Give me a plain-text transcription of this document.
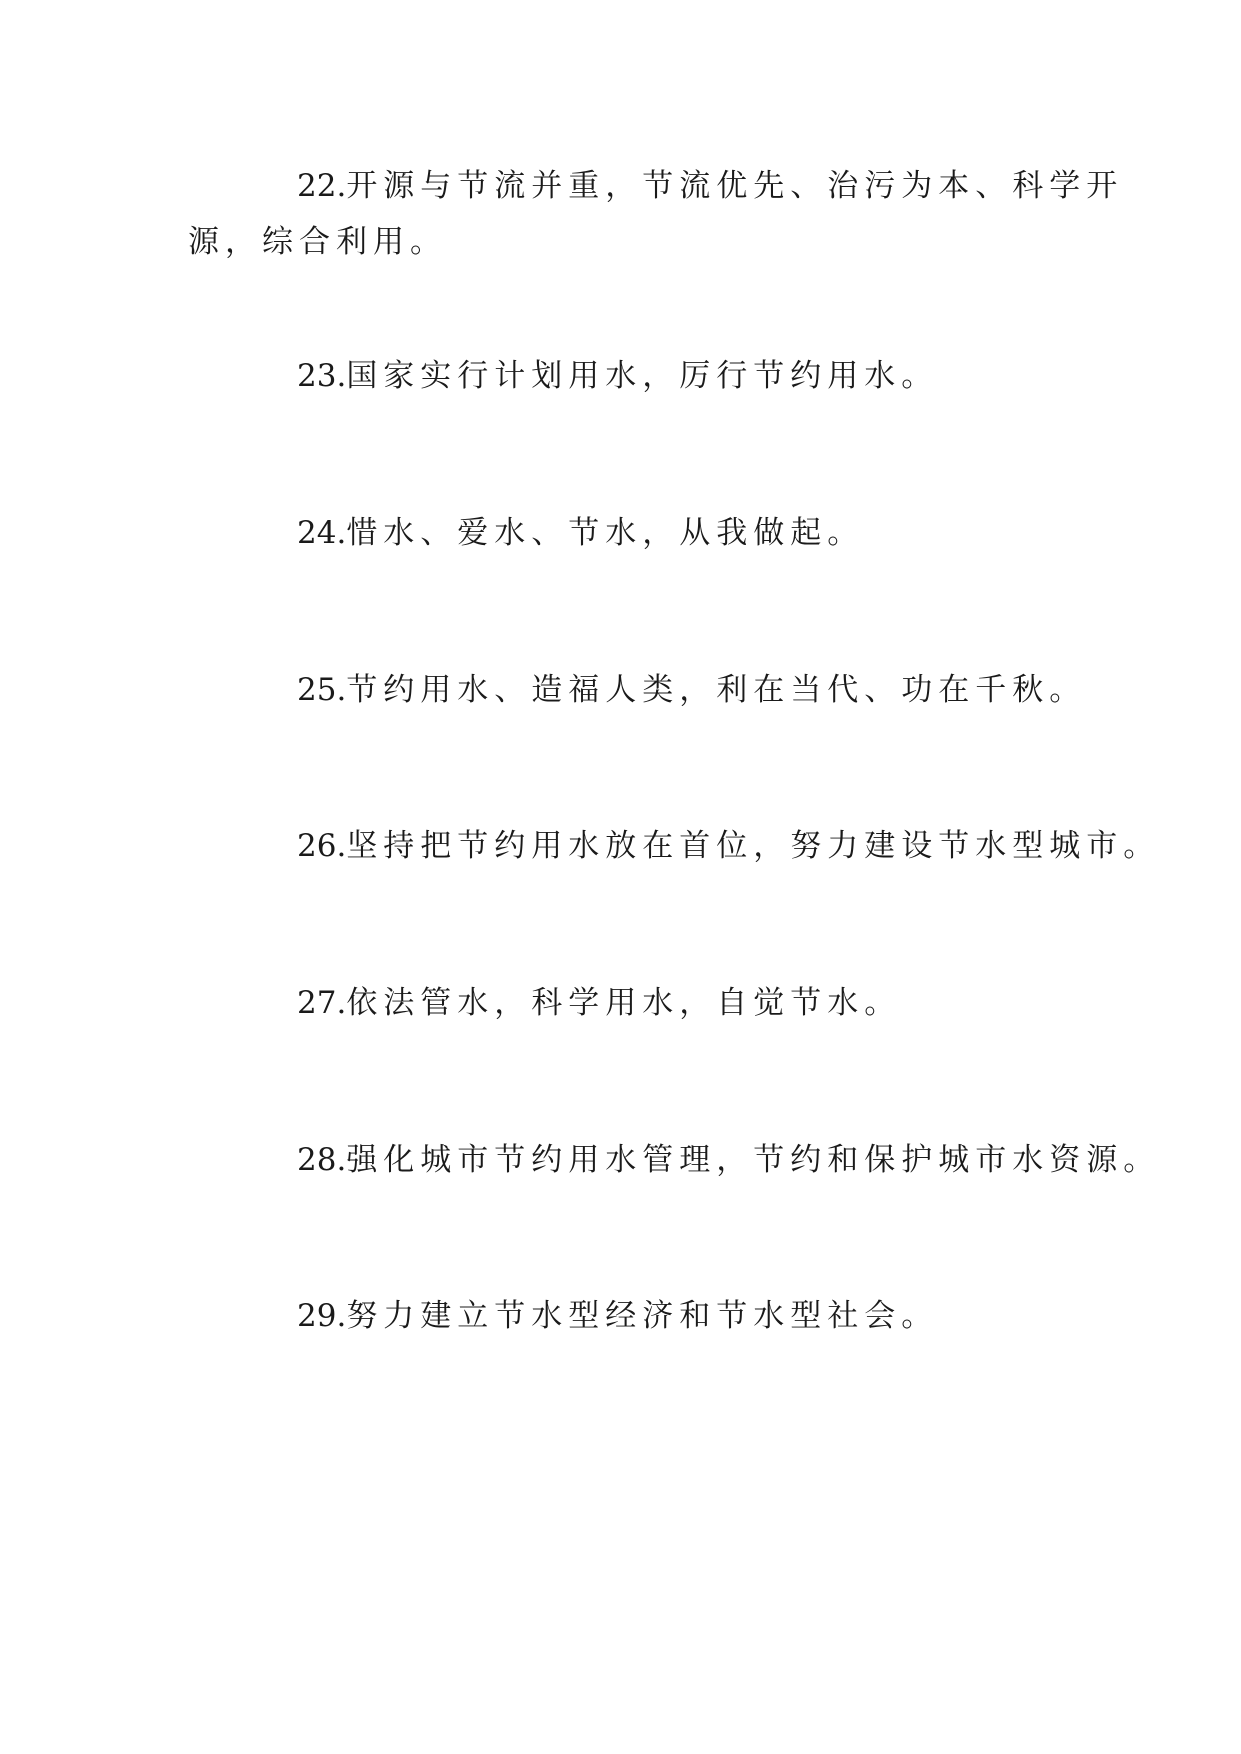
22.开源与节流并重，节流优先、治污为本、科学开
源，综合利用。

23.国家实行计划用水，厉行节约用水。

24.惜水、爱水、节水，从我做起。

25.节约用水、造福人类，利在当代、功在千秋。

26.坚持把节约用水放在首位，努力建设节水型城市。

27.依法管水，科学用水，自觉节水。

28.强化城市节约用水管理，节约和保护城市水资源。

29.努力建立节水型经济和节水型社会。
